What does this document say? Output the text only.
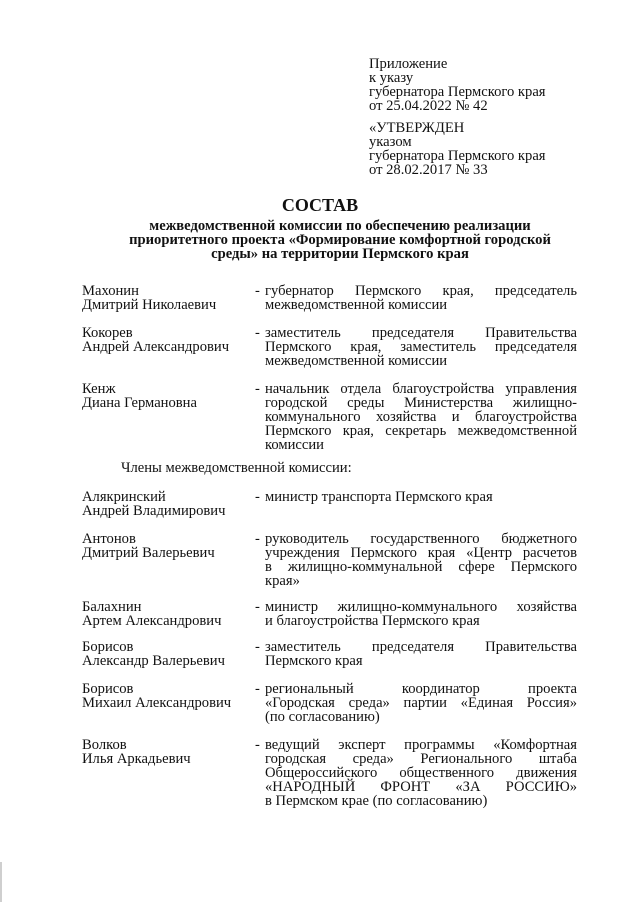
Приложение
к указу
губернатора Пермского края
от 25.04.2022 № 42
«УТВЕРЖДЕН
указом
губернатора Пермского края
от 28.02.2017 № 33
СОСТАВ
межведомственной комиссии по обеспечению реализации
приоритетного проекта «Формирование комфортной городской
среды» на территории Пермского края
Махонин
Дмитрий Николаевич
- губернатор Пермского края, председатель
межведомственной комиссии
Кокорев
Андрей Александрович
- заместитель председателя Правительства
Пермского края, заместитель председателя
межведомственной комиссии
Кенж
Диана Германовна
- начальник отдела благоустройства управления
городской среды Министерства жилищно-
коммунального хозяйства и благоустройства
Пермского края, секретарь межведомственной
комиссии
Алякринский
Андрей Владимирович
- министр транспорта Пермского края
Антонов
Дмитрий Валерьевич
- руководитель государственного бюджетного
учреждения Пермского края «Центр расчетов
в жилищно-коммунальной сфере Пермского
края»
Балахнин
Артем Александрович
- министр жилищно-коммунального хозяйства
и благоустройства Пермского края
Борисов
Александр Валерьевич
- заместитель председателя Правительства
Пермского края
Борисов
Михаил Александрович
- региональный координатор проекта
«Городская среда» партии «Единая Россия»
(по согласованию)
Волков
Илья Аркадьевич
- ведущий эксперт программы «Комфортная
городская среда» Регионального штаба
Общероссийского общественного движения
«НАРОДНЫЙ ФРОНТ «ЗА РОССИЮ»
в Пермском крае (по согласованию)
Члены межведомственной комиссии:
